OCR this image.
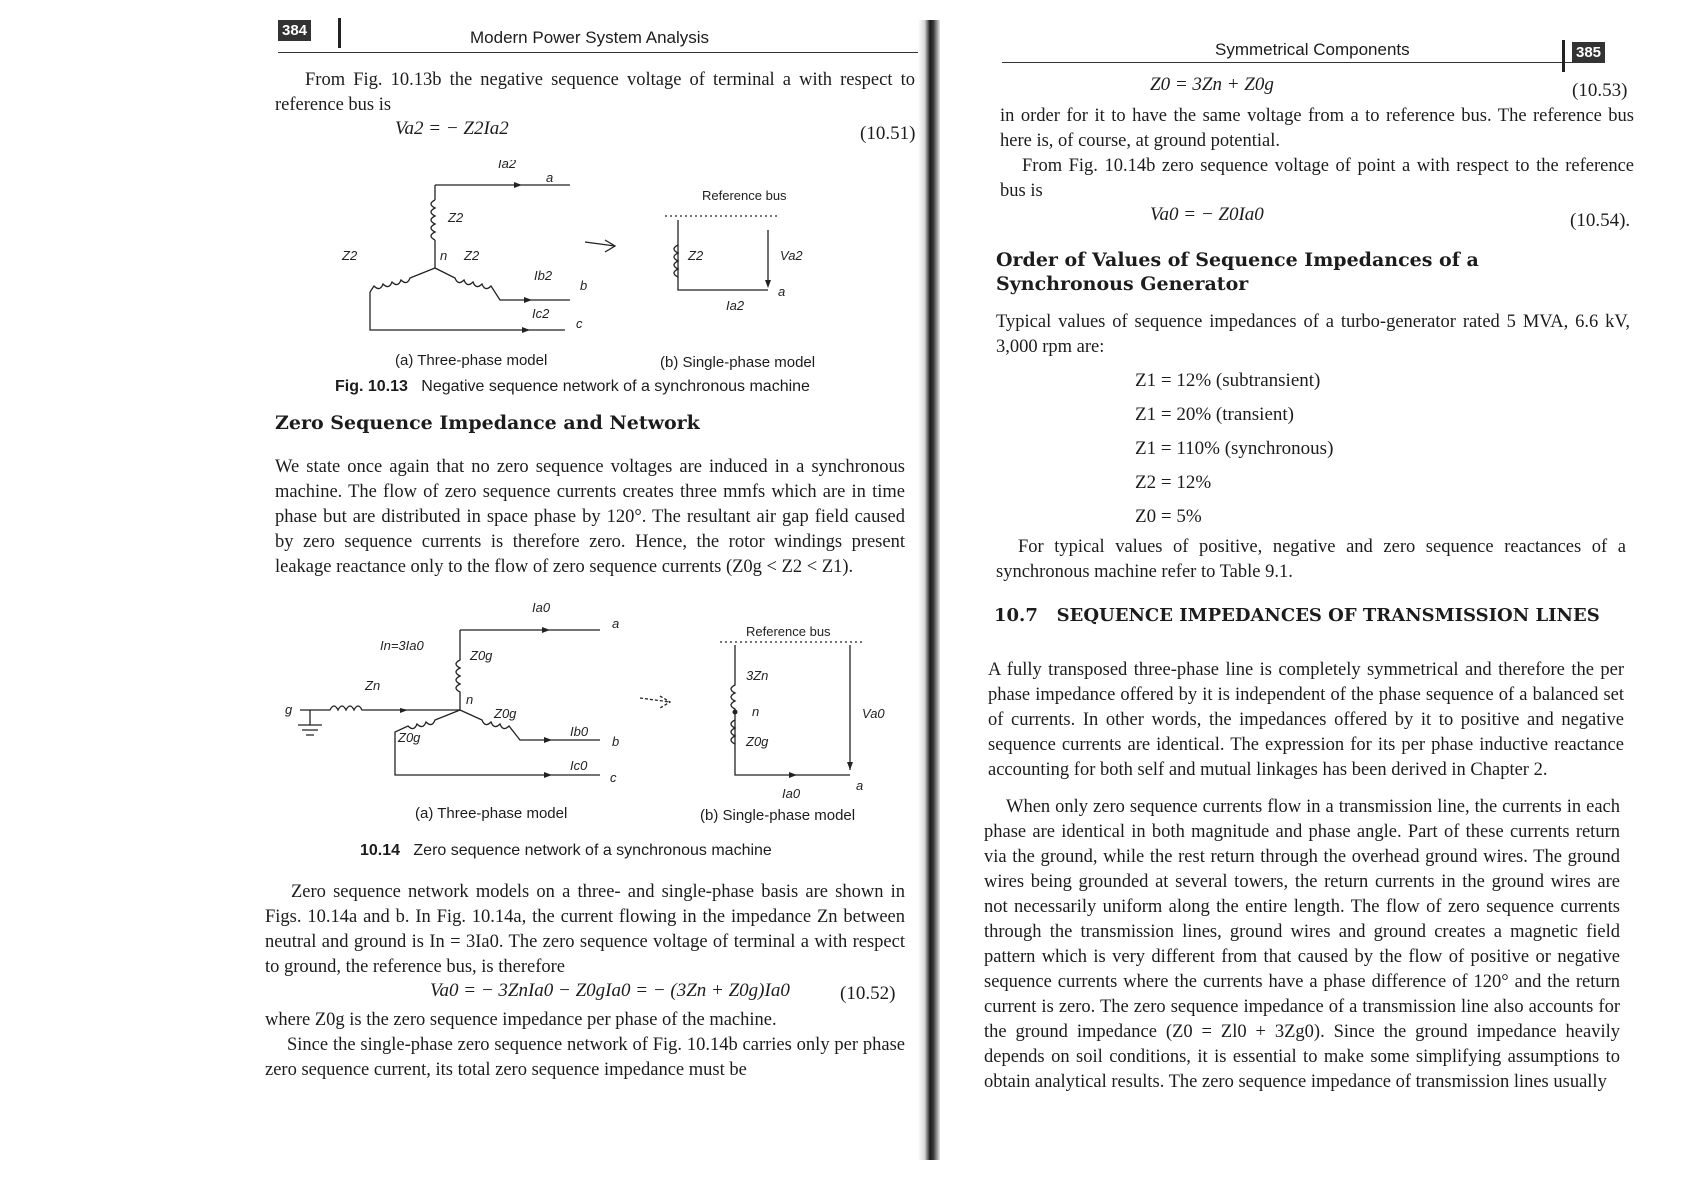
384	Modern Power System Analysis
From Fig. 10.13b the negative sequence voltage of terminal a with respect to reference bus is
Va2 = − Z2Ia2	(10.51)
Ia2
a
Z2
n
Z2	Z2
Ib2
b
Ic2
c
Reference bus
Z2	Va2
Ia2
a
(a) Three-phase model	(b) Single-phase model
Fig. 10.13 Negative sequence network of a synchronous machine
Zero Sequence Impedance and Network
We state once again that no zero sequence voltages are induced in a synchronous machine. The flow of zero sequence currents creates three mmfs which are in time phase but are distributed in space phase by 120°. The resultant air gap field caused by zero sequence currents is therefore zero. Hence, the rotor windings present leakage reactance only to the flow of zero sequence currents (Z0g < Z2 < Z1).
Ia0
a
In=3Ia0
Z0g
Zn
g
n
Z0g
Z0g
Ib0
b
Ic0
c
Reference bus
3Zn
n	Va0
Z0g
Ia0
a
(a) Three-phase model	(b) Single-phase model
10.14 Zero sequence network of a synchronous machine
Zero sequence network models on a three- and single-phase basis are shown in Figs. 10.14a and b. In Fig. 10.14a, the current flowing in the impedance Zn between neutral and ground is In = 3Ia0. The zero sequence voltage of terminal a with respect to ground, the reference bus, is therefore
Va0 = − 3ZnIa0 − Z0gIa0 = − (3Zn + Z0g)Ia0	(10.52)
where Z0g is the zero sequence impedance per phase of the machine.
Since the single-phase zero sequence network of Fig. 10.14b carries only per phase zero sequence current, its total zero sequence impedance must be
Symmetrical Components	385
Z0 = 3Zn + Z0g	(10.53)
in order for it to have the same voltage from a to reference bus. The reference bus here is, of course, at ground potential.
From Fig. 10.14b zero sequence voltage of point a with respect to the reference bus is
Va0 = − Z0Ia0	(10.54).
Order of Values of Sequence Impedances of a Synchronous Generator
Typical values of sequence impedances of a turbo-generator rated 5 MVA, 6.6 kV, 3,000 rpm are:
Z1 = 12% (subtransient)
Z1 = 20% (transient)
Z1 = 110% (synchronous)
Z2 = 12%
Z0 = 5%
For typical values of positive, negative and zero sequence reactances of a synchronous machine refer to Table 9.1.
10.7 SEQUENCE IMPEDANCES OF TRANSMISSION LINES
A fully transposed three-phase line is completely symmetrical and therefore the per phase impedance offered by it is independent of the phase sequence of a balanced set of currents. In other words, the impedances offered by it to positive and negative sequence currents are identical. The expression for its per phase inductive reactance accounting for both self and mutual linkages has been derived in Chapter 2.
When only zero sequence currents flow in a transmission line, the currents in each phase are identical in both magnitude and phase angle. Part of these currents return via the ground, while the rest return through the overhead ground wires. The ground wires being grounded at several towers, the return currents in the ground wires are not necessarily uniform along the entire length. The flow of zero sequence currents through the transmission lines, ground wires and ground creates a magnetic field pattern which is very different from that caused by the flow of positive or negative sequence currents where the currents have a phase difference of 120° and the return current is zero. The zero sequence impedance of a transmission line also accounts for the ground impedance (Z0 = Zl0 + 3Zg0). Since the ground impedance heavily depends on soil conditions, it is essential to make some simplifying assumptions to obtain analytical results. The zero sequence impedance of transmission lines usually
